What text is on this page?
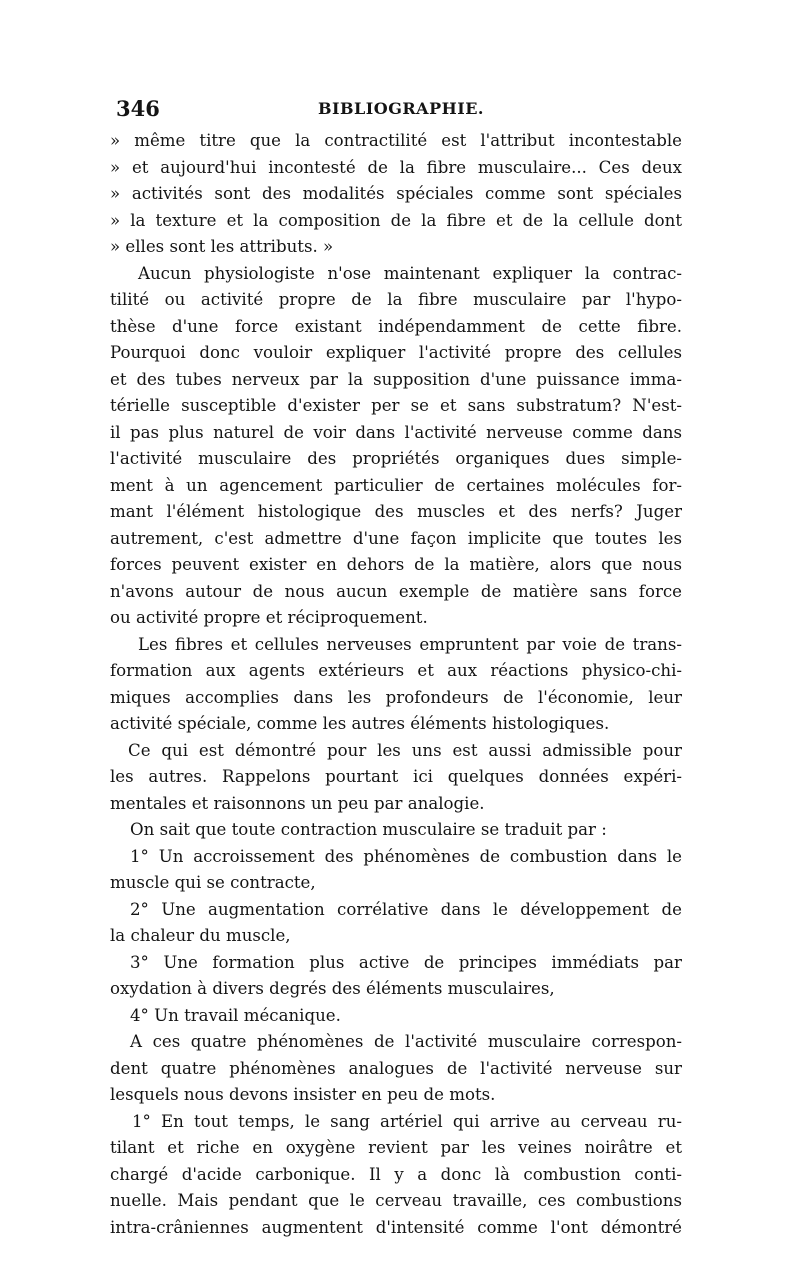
346	BIBLIOGRAPHIE.
» même titre que la contractilité est l'attribut incontestable
» et aujourd'hui incontesté de la fibre musculaire... Ces deux
» activités sont des modalités spéciales comme sont spéciales
» la texture et la composition de la fibre et de la cellule dont
» elles sont les attributs. »
Aucun physiologiste n'ose maintenant expliquer la contrac-
tilité ou activité propre de la fibre musculaire par l'hypo-
thèse d'une force existant indépendamment de cette fibre.
Pourquoi donc vouloir expliquer l'activité propre des cellules
et des tubes nerveux par la supposition d'une puissance imma-
térielle susceptible d'exister per se et sans substratum? N'est-
il pas plus naturel de voir dans l'activité nerveuse comme dans
l'activité musculaire des propriétés organiques dues simple-
ment à un agencement particulier de certaines molécules for-
mant l'élément histologique des muscles et des nerfs? Juger
autrement, c'est admettre d'une façon implicite que toutes les
forces peuvent exister en dehors de la matière, alors que nous
n'avons autour de nous aucun exemple de matière sans force
ou activité propre et réciproquement.
Les fibres et cellules nerveuses empruntent par voie de trans-
formation aux agents extérieurs et aux réactions physico-chi-
miques accomplies dans les profondeurs de l'économie, leur
activité spéciale, comme les autres éléments histologiques.
Ce qui est démontré pour les uns est aussi admissible pour
les autres. Rappelons pourtant ici quelques données expéri-
mentales et raisonnons un peu par analogie.
On sait que toute contraction musculaire se traduit par :
1° Un accroissement des phénomènes de combustion dans le
muscle qui se contracte,
2° Une augmentation corrélative dans le développement de
la chaleur du muscle,
3° Une formation plus active de principes immédiats par
oxydation à divers degrés des éléments musculaires,
4° Un travail mécanique.
A ces quatre phénomènes de l'activité musculaire correspon-
dent quatre phénomènes analogues de l'activité nerveuse sur
lesquels nous devons insister en peu de mots.
1° En tout temps, le sang artériel qui arrive au cerveau ru-
tilant et riche en oxygène revient par les veines noirâtre et
chargé d'acide carbonique. Il y a donc là combustion conti-
nuelle. Mais pendant que le cerveau travaille, ces combustions
intra-crâniennes augmentent d'intensité comme l'ont démontré
